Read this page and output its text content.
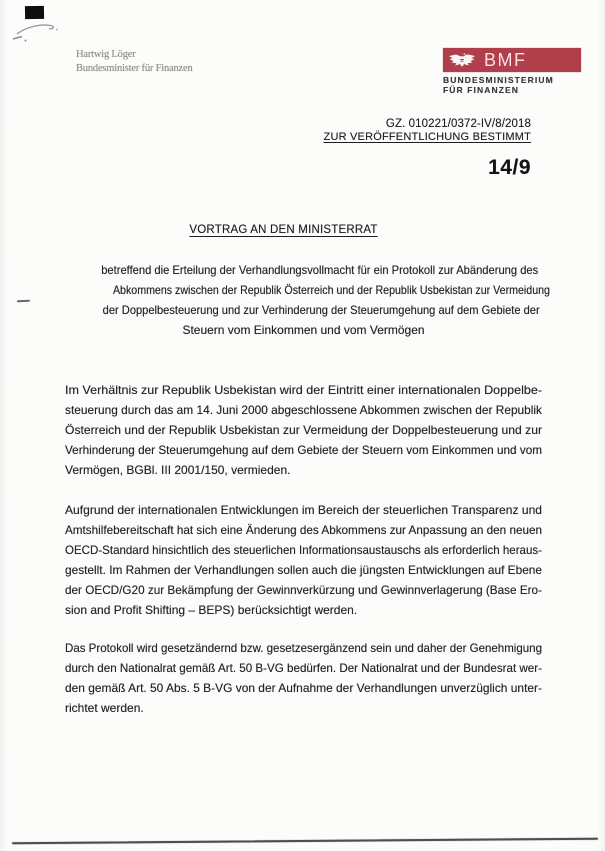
Hartwig Löger
Bundesminister für Finanzen	BMF
BUNDESMINISTERIUM
FÜR FINANZEN
GZ. 010221/0372-IV/8/2018
ZUR VERÖFFENTLICHUNG BESTIMMT
14/9
VORTRAG AN DEN MINISTERRAT
betreffend die Erteilung der Verhandlungsvollmacht für ein Protokoll zur Abänderung des
Abkommens zwischen der Republik Österreich und der Republik Usbekistan zur Vermeidung
der Doppelbesteuerung und zur Verhinderung der Steuerumgehung auf dem Gebiete der
Steuern vom Einkommen und vom Vermögen
Im Verhältnis zur Republik Usbekistan wird der Eintritt einer internationalen Doppelbe-
steuerung durch das am 14. Juni 2000 abgeschlossene Abkommen zwischen der Republik
Österreich und der Republik Usbekistan zur Vermeidung der Doppelbesteuerung und zur
Verhinderung der Steuerumgehung auf dem Gebiete der Steuern vom Einkommen und vom
Vermögen, BGBl. III 2001/150, vermieden.
Aufgrund der internationalen Entwicklungen im Bereich der steuerlichen Transparenz und
Amtshilfebereitschaft hat sich eine Änderung des Abkommens zur Anpassung an den neuen
OECD-Standard hinsichtlich des steuerlichen Informationsaustauschs als erforderlich heraus-
gestellt. Im Rahmen der Verhandlungen sollen auch die jüngsten Entwicklungen auf Ebene
der OECD/G20 zur Bekämpfung der Gewinnverkürzung und Gewinnverlagerung (Base Ero-
sion and Profit Shifting – BEPS) berücksichtigt werden.
Das Protokoll wird gesetzändernd bzw. gesetzesergänzend sein und daher der Genehmigung
durch den Nationalrat gemäß Art. 50 B-VG bedürfen. Der Nationalrat und der Bundesrat wer-
den gemäß Art. 50 Abs. 5 B-VG von der Aufnahme der Verhandlungen unverzüglich unter-
richtet werden.
